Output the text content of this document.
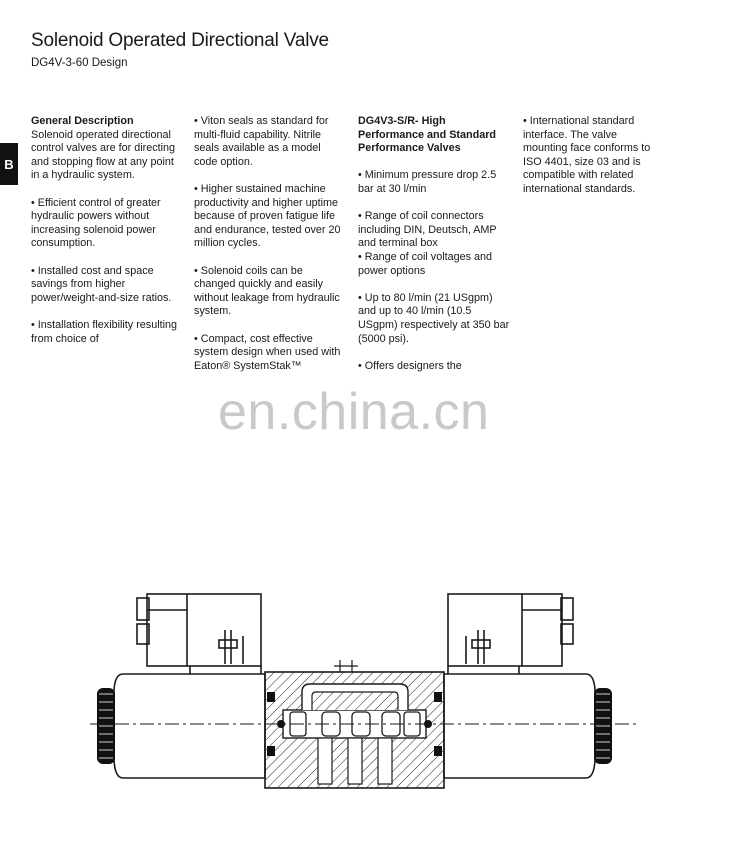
Solenoid Operated Directional Valve
DG4V-3-60 Design
B
General Description

Solenoid operated directional control valves are for directing and stopping flow at any point in a hydraulic system.

• Efficient control of greater hydraulic powers without increasing solenoid power consumption.

• Installed cost and space savings from higher power/weight-and-size ratios.

• Installation flexibility resulting from choice of

• Viton seals as standard for multi-fluid capability. Nitrile seals available as a model code option.

• Higher sustained machine productivity and higher uptime because of proven fatigue life and endurance, tested over 20 million cycles.

• Solenoid coils can be changed quickly and easily without leakage from hydraulic system.

• Compact, cost effective system design when used with Eaton® SystemStak™

DG4V3-S/R- High Performance and Standard Performance Valves

• Minimum pressure drop 2.5 bar at 30 l/min

• Range of coil connectors including DIN, Deutsch, AMP and terminal box

• Range of coil voltages and power options

• Up to 80 l/min (21 USgpm) and up to 40 l/min (10.5 USgpm) respectively at 350 bar (5000 psi).

• Offers designers the

• International standard interface. The valve mounting face conforms to ISO 4401, size 03 and is compatible with related international standards.

en.china.cn
